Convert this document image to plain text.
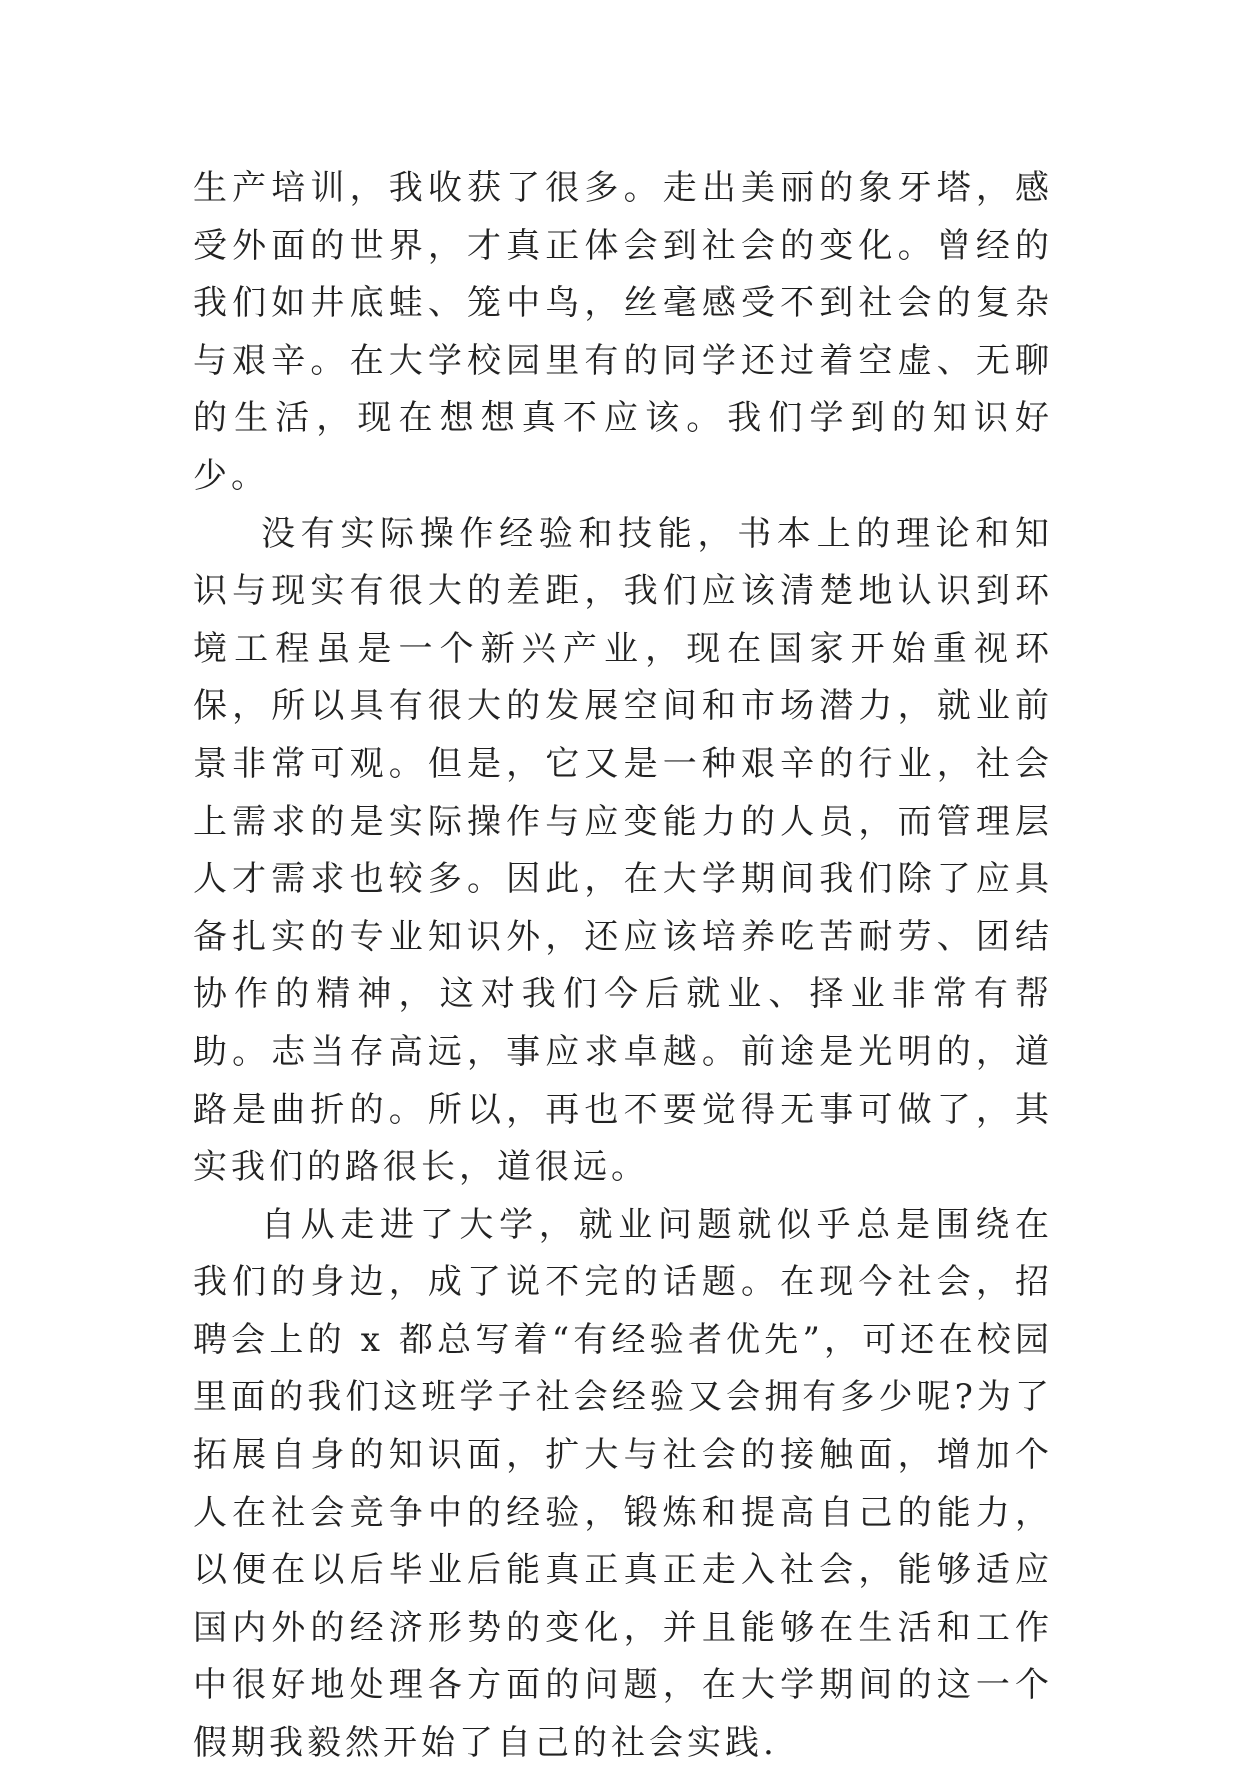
生产培训，我收获了很多。走出美丽的象牙塔，感受外面的世界，才真正体会到社会的变化。曾经的我们如井底蛙、笼中鸟，丝毫感受不到社会的复杂与艰辛。在大学校园里有的同学还过着空虚、无聊的生活，现在想想真不应该。我们学到的知识好少。

没有实际操作经验和技能，书本上的理论和知识与现实有很大的差距，我们应该清楚地认识到环境工程虽是一个新兴产业，现在国家开始重视环保，所以具有很大的发展空间和市场潜力，就业前景非常可观。但是，它又是一种艰辛的行业，社会上需求的是实际操作与应变能力的人员，而管理层人才需求也较多。因此，在大学期间我们除了应具备扎实的专业知识外，还应该培养吃苦耐劳、团结协作的精神，这对我们今后就业、择业非常有帮助。志当存高远，事应求卓越。前途是光明的，道路是曲折的。所以，再也不要觉得无事可做了，其实我们的路很长，道很远。

自从走进了大学，就业问题就似乎总是围绕在我们的身边，成了说不完的话题。在现今社会，招聘会上的 x 都总写着“有经验者优先”，可还在校园里面的我们这班学子社会经验又会拥有多少呢?为了拓展自身的知识面，扩大与社会的接触面，增加个人在社会竞争中的经验，锻炼和提高自己的能力，以便在以后毕业后能真正真正走入社会，能够适应国内外的经济形势的变化，并且能够在生活和工作中很好地处理各方面的问题，在大学期间的这一个假期我毅然开始了自己的社会实践.
